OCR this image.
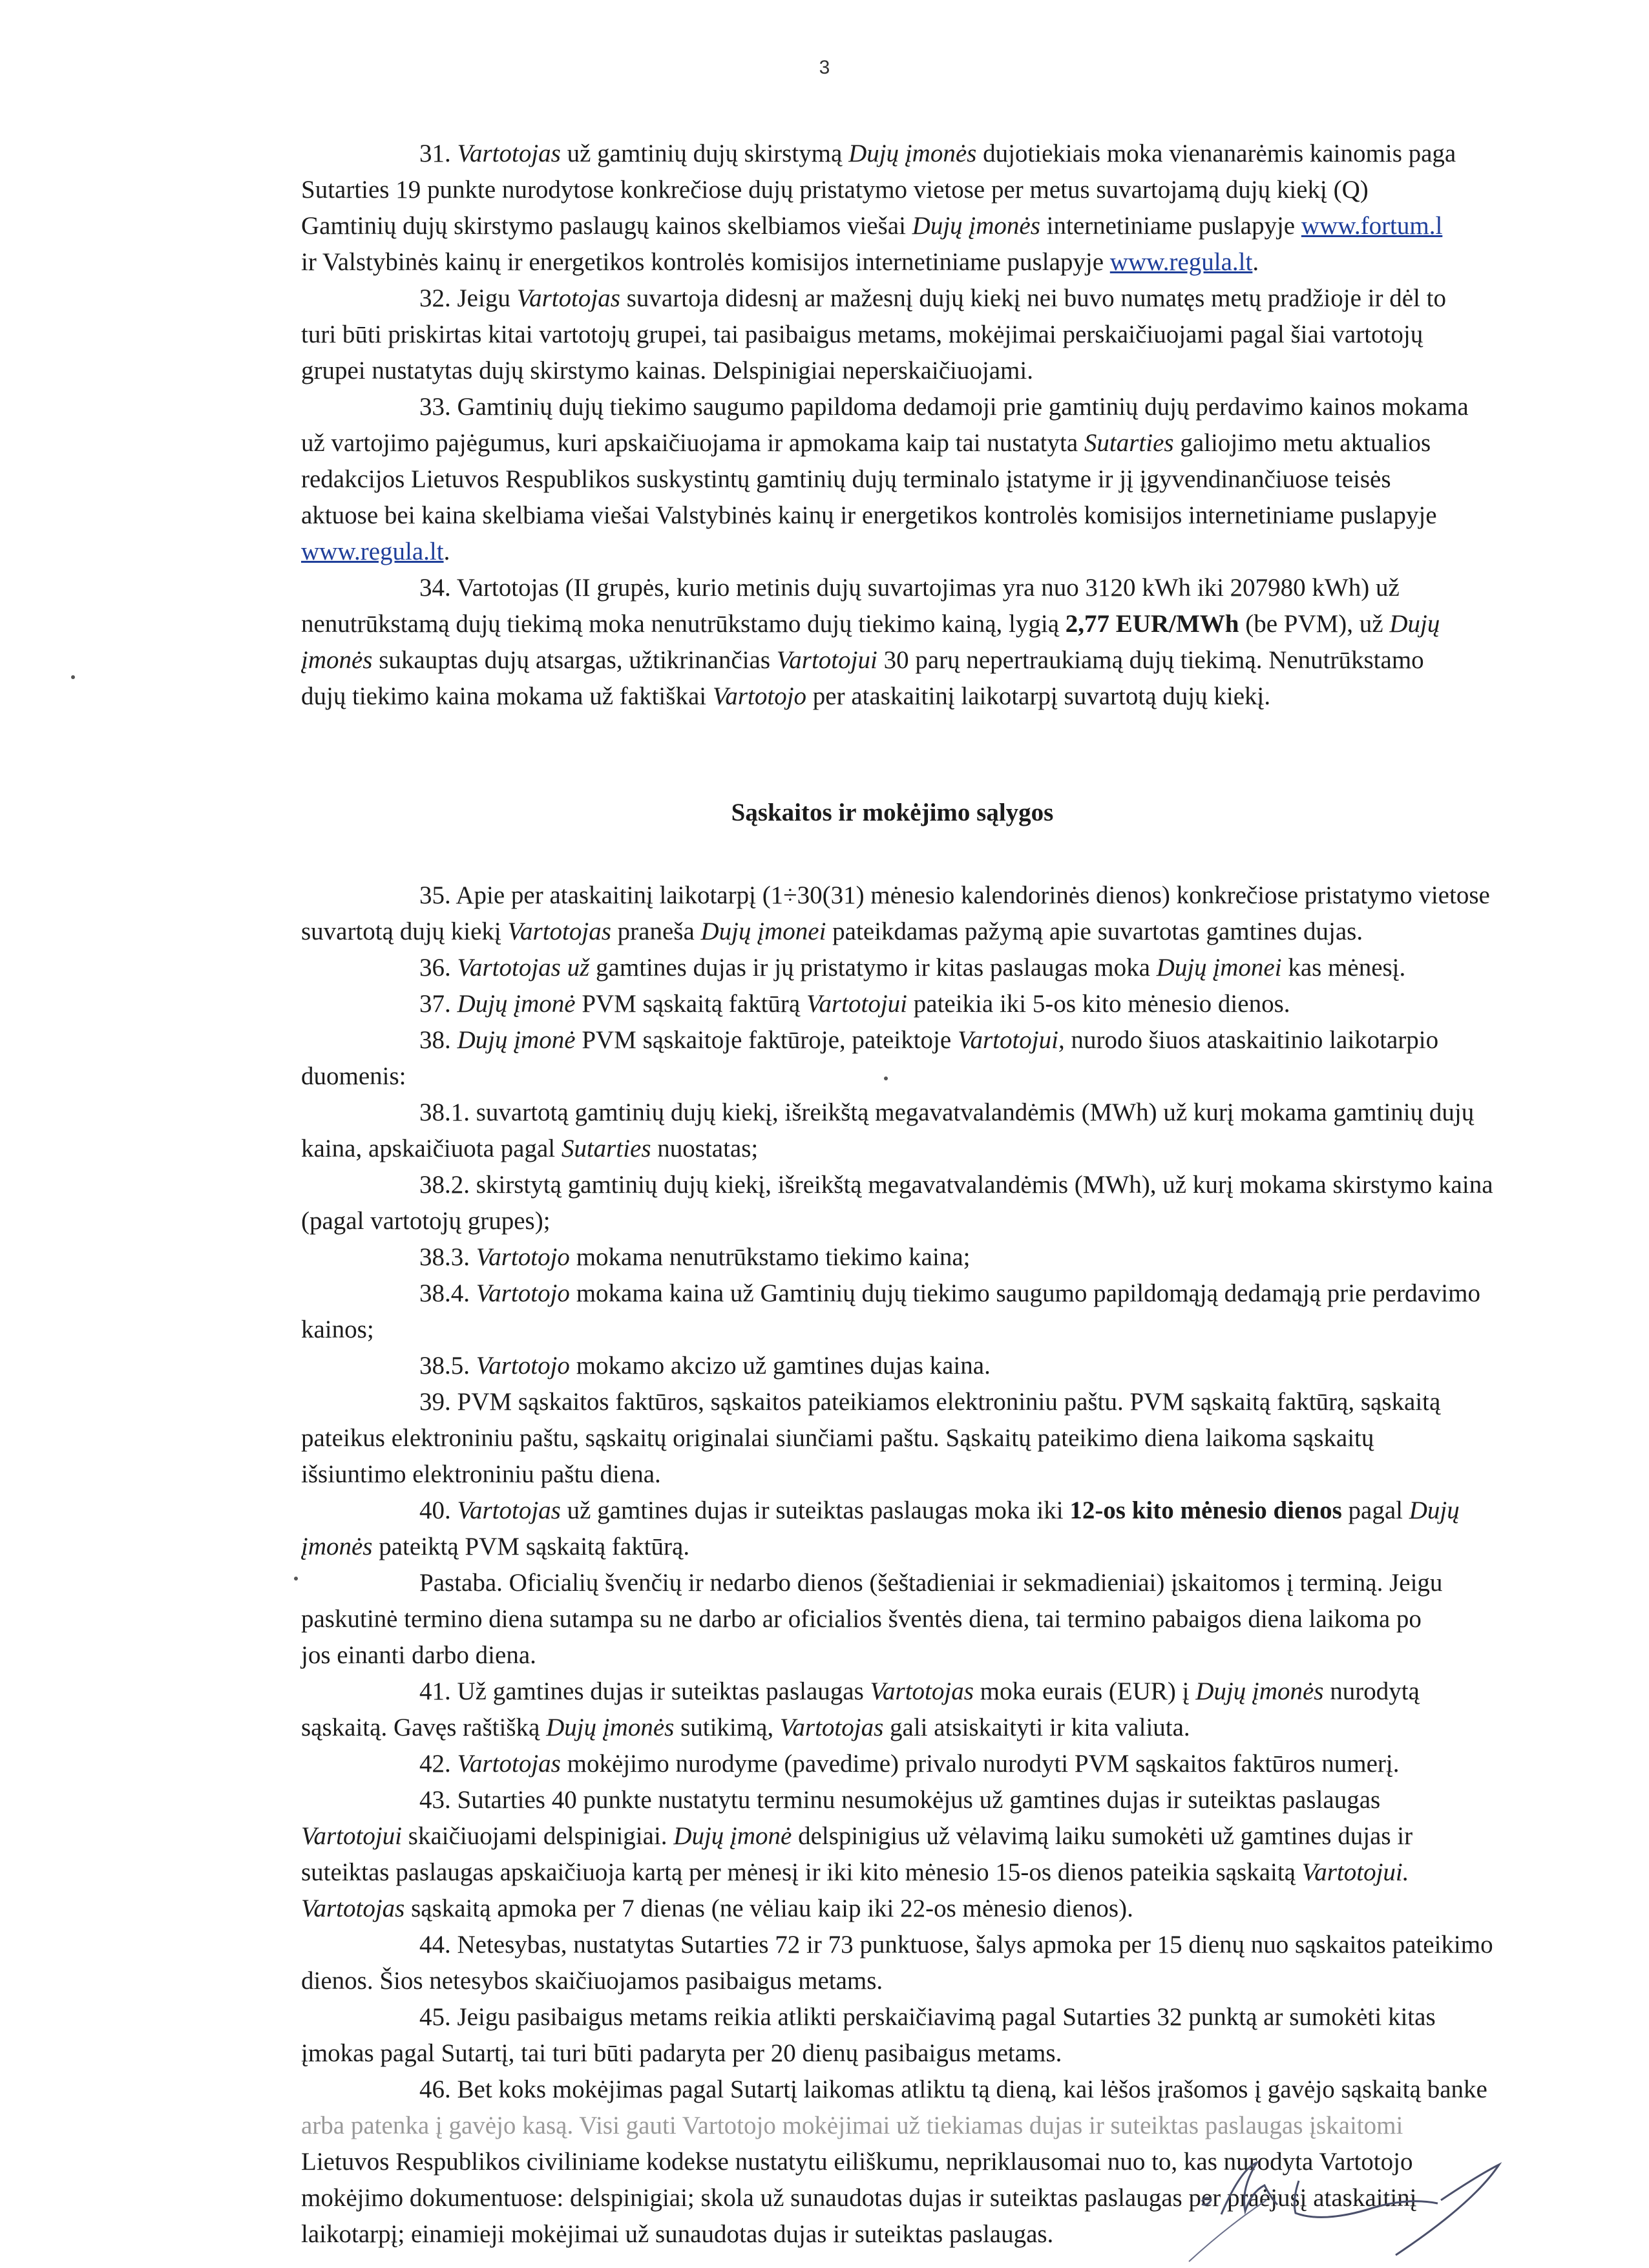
3
31. Vartotojas už gamtinių dujų skirstymą Dujų įmonės dujotiekiais moka vienanarėmis kainomis paga
Sutarties 19 punkte nurodytose konkrečiose dujų pristatymo vietose per metus suvartojamą dujų kiekį (Q)
Gamtinių dujų skirstymo paslaugų kainos skelbiamos viešai Dujų įmonės internetiniame puslapyje www.fortum.l
ir Valstybinės kainų ir energetikos kontrolės komisijos internetiniame puslapyje www.regula.lt.
32. Jeigu Vartotojas suvartoja didesnį ar mažesnį dujų kiekį nei buvo numatęs metų pradžioje ir dėl to
turi būti priskirtas kitai vartotojų grupei, tai pasibaigus metams, mokėjimai perskaičiuojami pagal šiai vartotojų
grupei nustatytas dujų skirstymo kainas. Delspinigiai neperskaičiuojami.
33. Gamtinių dujų tiekimo saugumo papildoma dedamoji prie gamtinių dujų perdavimo kainos mokama
už vartojimo pajėgumus, kuri apskaičiuojama ir apmokama kaip tai nustatyta Sutarties galiojimo metu aktualios
redakcijos Lietuvos Respublikos suskystintų gamtinių dujų terminalo įstatyme ir jį įgyvendinančiuose teisės
aktuose bei kaina skelbiama viešai Valstybinės kainų ir energetikos kontrolės komisijos internetiniame puslapyje
www.regula.lt.
34. Vartotojas (II grupės, kurio metinis dujų suvartojimas yra nuo 3120 kWh iki 207980 kWh) už
nenutrūkstamą dujų tiekimą moka nenutrūkstamo dujų tiekimo kainą, lygią 2,77 EUR/MWh (be PVM), už Dujų
įmonės sukauptas dujų atsargas, užtikrinančias Vartotojui 30 parų nepertraukiamą dujų tiekimą. Nenutrūkstamo
dujų tiekimo kaina mokama už faktiškai Vartotojo per ataskaitinį laikotarpį suvartotą dujų kiekį.
Sąskaitos ir mokėjimo sąlygos
35. Apie per ataskaitinį laikotarpį (1÷30(31) mėnesio kalendorinės dienos) konkrečiose pristatymo vietose
suvartotą dujų kiekį Vartotojas praneša Dujų įmonei pateikdamas pažymą apie suvartotas gamtines dujas.
36. Vartotojas už gamtines dujas ir jų pristatymo ir kitas paslaugas moka Dujų įmonei kas mėnesį.
37. Dujų įmonė PVM sąskaitą faktūrą Vartotojui pateikia iki 5-os kito mėnesio dienos.
38. Dujų įmonė PVM sąskaitoje faktūroje, pateiktoje Vartotojui, nurodo šiuos ataskaitinio laikotarpio
duomenis:
38.1. suvartotą gamtinių dujų kiekį, išreikštą megavatvalandėmis (MWh) už kurį mokama gamtinių dujų
kaina, apskaičiuota pagal Sutarties nuostatas;
38.2. skirstytą gamtinių dujų kiekį, išreikštą megavatvalandėmis (MWh), už kurį mokama skirstymo kaina
(pagal vartotojų grupes);
38.3. Vartotojo mokama nenutrūkstamo tiekimo kaina;
38.4. Vartotojo mokama kaina už Gamtinių dujų tiekimo saugumo papildomąją dedamąją prie perdavimo
kainos;
38.5. Vartotojo mokamo akcizo už gamtines dujas kaina.
39. PVM sąskaitos faktūros, sąskaitos pateikiamos elektroniniu paštu. PVM sąskaitą faktūrą, sąskaitą
pateikus elektroniniu paštu, sąskaitų originalai siunčiami paštu. Sąskaitų pateikimo diena laikoma sąskaitų
išsiuntimo elektroniniu paštu diena.
40. Vartotojas už gamtines dujas ir suteiktas paslaugas moka iki 12-os kito mėnesio dienos pagal Dujų
įmonės pateiktą PVM sąskaitą faktūrą.
Pastaba. Oficialių švenčių ir nedarbo dienos (šeštadieniai ir sekmadieniai) įskaitomos į terminą. Jeigu
paskutinė termino diena sutampa su ne darbo ar oficialios šventės diena, tai termino pabaigos diena laikoma po
jos einanti darbo diena.
41. Už gamtines dujas ir suteiktas paslaugas Vartotojas moka eurais (EUR) į Dujų įmonės nurodytą
sąskaitą. Gavęs raštišką Dujų įmonės sutikimą, Vartotojas gali atsiskaityti ir kita valiuta.
42. Vartotojas mokėjimo nurodyme (pavedime) privalo nurodyti PVM sąskaitos faktūros numerį.
43. Sutarties 40 punkte nustatytu terminu nesumokėjus už gamtines dujas ir suteiktas paslaugas
Vartotojui skaičiuojami delspinigiai. Dujų įmonė delspinigius už vėlavimą laiku sumokėti už gamtines dujas ir
suteiktas paslaugas apskaičiuoja kartą per mėnesį ir iki kito mėnesio 15-os dienos pateikia sąskaitą Vartotojui.
Vartotojas sąskaitą apmoka per 7 dienas (ne vėliau kaip iki 22-os mėnesio dienos).
44. Netesybas, nustatytas Sutarties 72 ir 73 punktuose, šalys apmoka per 15 dienų nuo sąskaitos pateikimo
dienos. Šios netesybos skaičiuojamos pasibaigus metams.
45. Jeigu pasibaigus metams reikia atlikti perskaičiavimą pagal Sutarties 32 punktą ar sumokėti kitas
įmokas pagal Sutartį, tai turi būti padaryta per 20 dienų pasibaigus metams.
46. Bet koks mokėjimas pagal Sutartį laikomas atliktu tą dieną, kai lėšos įrašomos į gavėjo sąskaitą banke
arba patenka į gavėjo kasą. Visi gauti Vartotojo mokėjimai už tiekiamas dujas ir suteiktas paslaugas įskaitomi
Lietuvos Respublikos civiliniame kodekse nustatytu eiliškumu, nepriklausomai nuo to, kas nurodyta Vartotojo
mokėjimo dokumentuose: delspinigiai; skola už sunaudotas dujas ir suteiktas paslaugas per praėjusį ataskaitinį
laikotarpį; einamieji mokėjimai už sunaudotas dujas ir suteiktas paslaugas.
